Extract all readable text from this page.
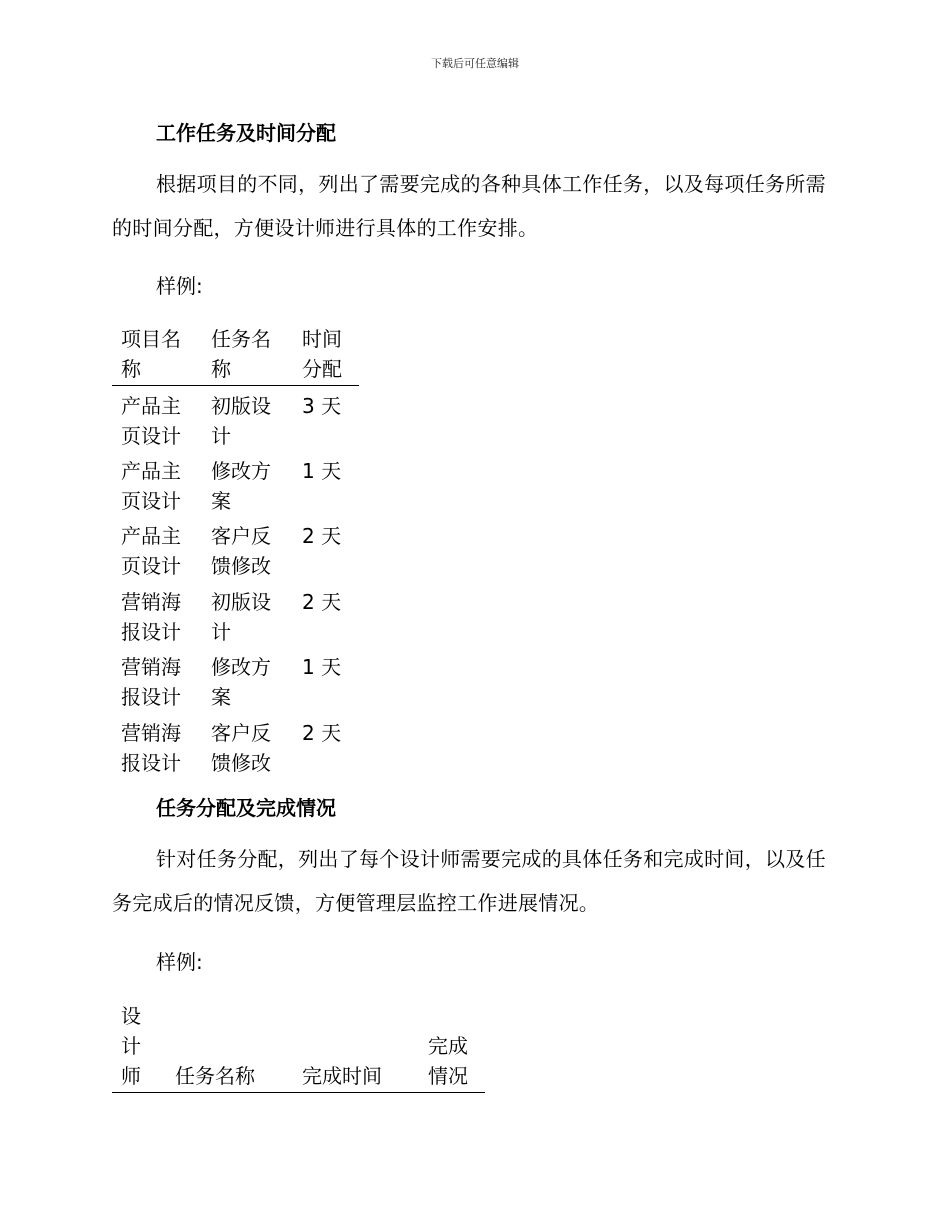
下载后可任意编辑
工作任务及时间分配
根据项目的不同，列出了需要完成的各种具体工作任务，以及每项任务所需的时间分配，方便设计师进行具体的工作安排。
样例:
项目名
称
任务名
称
时间
分配
产品主
页设计
初版设
计
3 天
产品主
页设计
修改方
案
1 天
产品主
页设计
客户反
馈修改
2 天
营销海
报设计
初版设
计
2 天
营销海
报设计
修改方
案
1 天
营销海
报设计
客户反
馈修改
2 天
任务分配及完成情况
针对任务分配，列出了每个设计师需要完成的具体任务和完成时间，以及任务完成后的情况反馈，方便管理层监控工作进展情况。
样例:
设
计
师 任务名称 完成时间
完成
情况
